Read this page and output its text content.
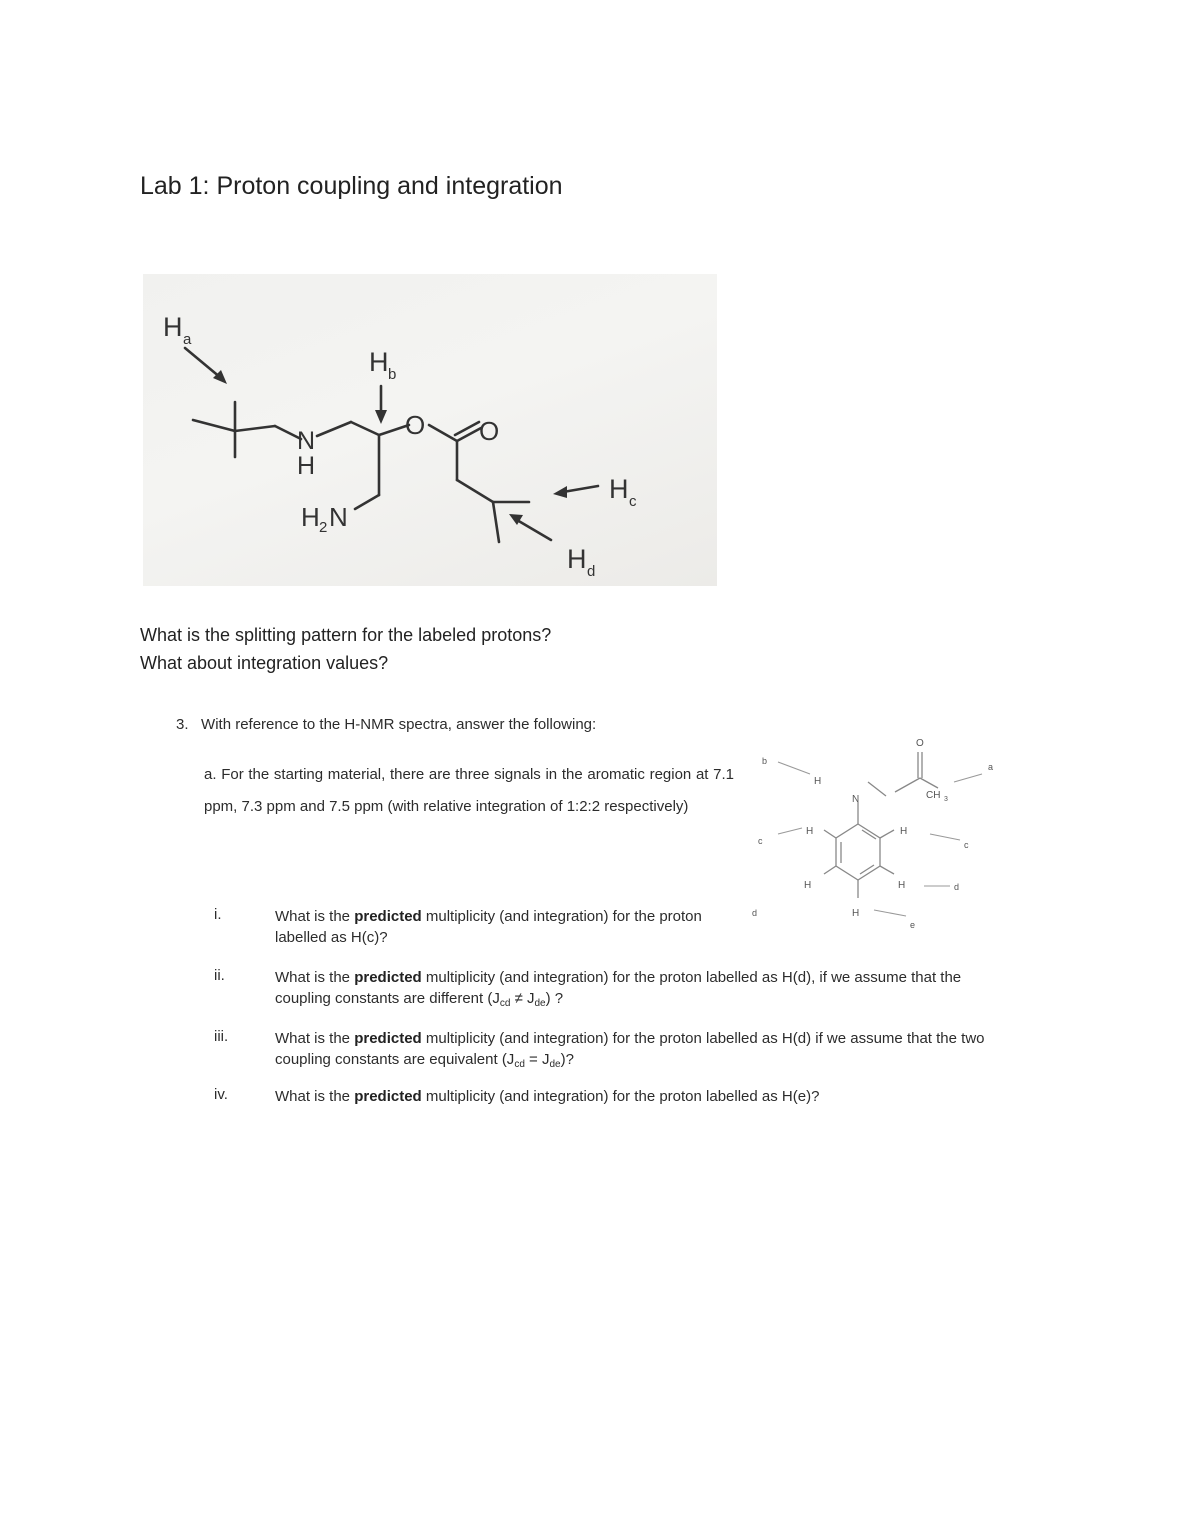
Lab 1: Proton coupling and integration
H a
H b
N
H
O O
H 2 N
H c
H d
What is the splitting pattern for the labeled protons?
What about integration values?
3. With reference to the H-NMR spectra, answer the following:
a. For the starting material, there are three signals in the aromatic region at 7.1 ppm, 7.3 ppm and 7.5 ppm (with relative integration of 1:2:2 respectively)
i.	What is the predicted multiplicity (and integration) for the proton labelled as H(c)?
ii.	What is the predicted multiplicity (and integration) for the proton labelled as H(d), if we assume that the coupling constants are different $(J_{cd} \ne J_{de})$ ?
iii.	What is the predicted multiplicity (and integration) for the proton labelled as H(d) if we assume that the two coupling constants are equivalent $(J_{cd} = J_{de})$?
iv.	What is the predicted multiplicity (and integration) for the proton labelled as H(e)?
O
N	CH 3
H
H	H
H	H
H
a
b
c	c
d
d
e
